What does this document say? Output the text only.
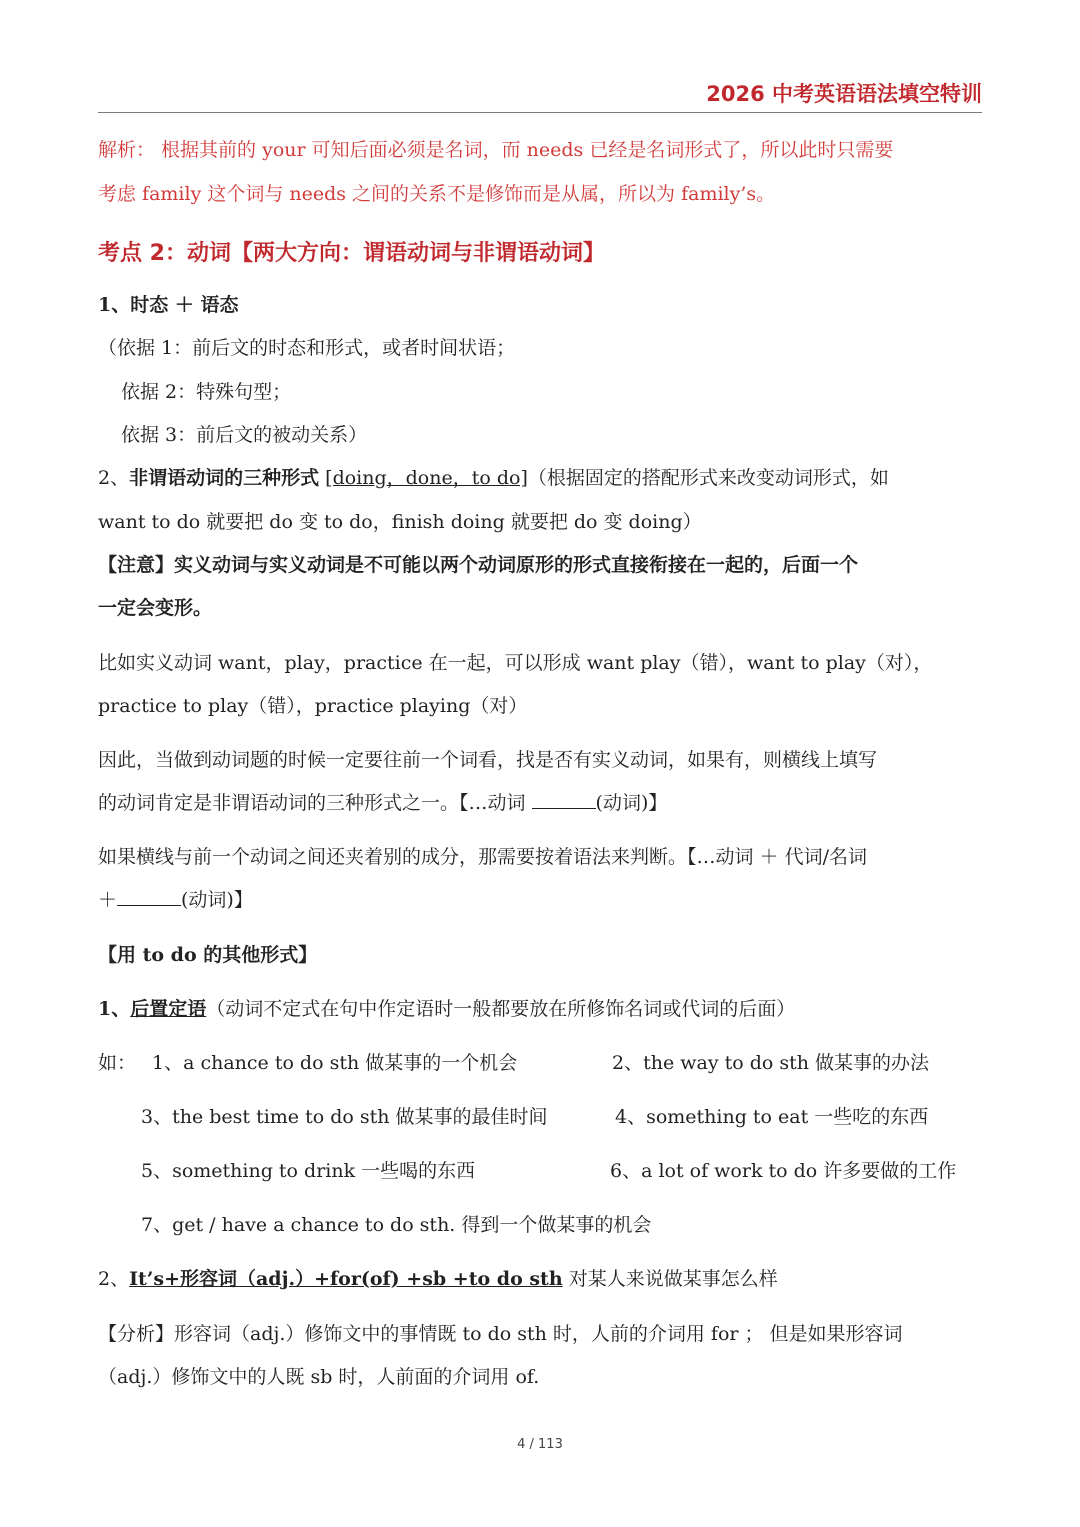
2026 中考英语语法填空特训
解析： 根据其前的 your 可知后面必须是名词，而 needs 已经是名词形式了，所以此时只需要
考虑 family 这个词与 needs 之间的关系不是修饰而是从属，所以为 family’s。
考点 2：动词【两大方向：谓语动词与非谓语动词】
1、时态 ＋ 语态
（依据 1：前后文的时态和形式，或者时间状语；
依据 2：特殊句型；
依据 3：前后文的被动关系）
2、非谓语动词的三种形式 [doing，done，to do]（根据固定的搭配形式来改变动词形式，如
want to do 就要把 do 变 to do，finish doing 就要把 do 变 doing）
【注意】实义动词与实义动词是不可能以两个动词原形的形式直接衔接在一起的，后面一个
一定会变形。
比如实义动词 want，play，practice 在一起，可以形成 want play（错），want to play（对），
practice to play（错），practice playing（对）
因此，当做到动词题的时候一定要往前一个词看，找是否有实义动词，如果有，则横线上填写
的动词肯定是非谓语动词的三种形式之一。【…动词	(动词)】
如果横线与前一个动词之间还夹着别的成分，那需要按着语法来判断。【…动词 ＋ 代词/名词
＋	(动词)】
【用 to do 的其他形式】
1、后置定语（动词不定式在句中作定语时一般都要放在所修饰名词或代词的后面）
如： 1、a chance to do sth 做某事的一个机会	2、the way to do sth 做某事的办法
3、the best time to do sth 做某事的最佳时间	4、something to eat 一些吃的东西
5、something to drink 一些喝的东西	6、a lot of work to do 许多要做的工作
7、get / have a chance to do sth. 得到一个做某事的机会
2、It’s+形容词（adj.）+for(of) +sb +to do sth 对某人来说做某事怎么样
【分析】形容词（adj.）修饰文中的事情既 to do sth 时，人前的介词用 for ； 但是如果形容词
（adj.）修饰文中的人既 sb 时，人前面的介词用 of.
4 / 113
